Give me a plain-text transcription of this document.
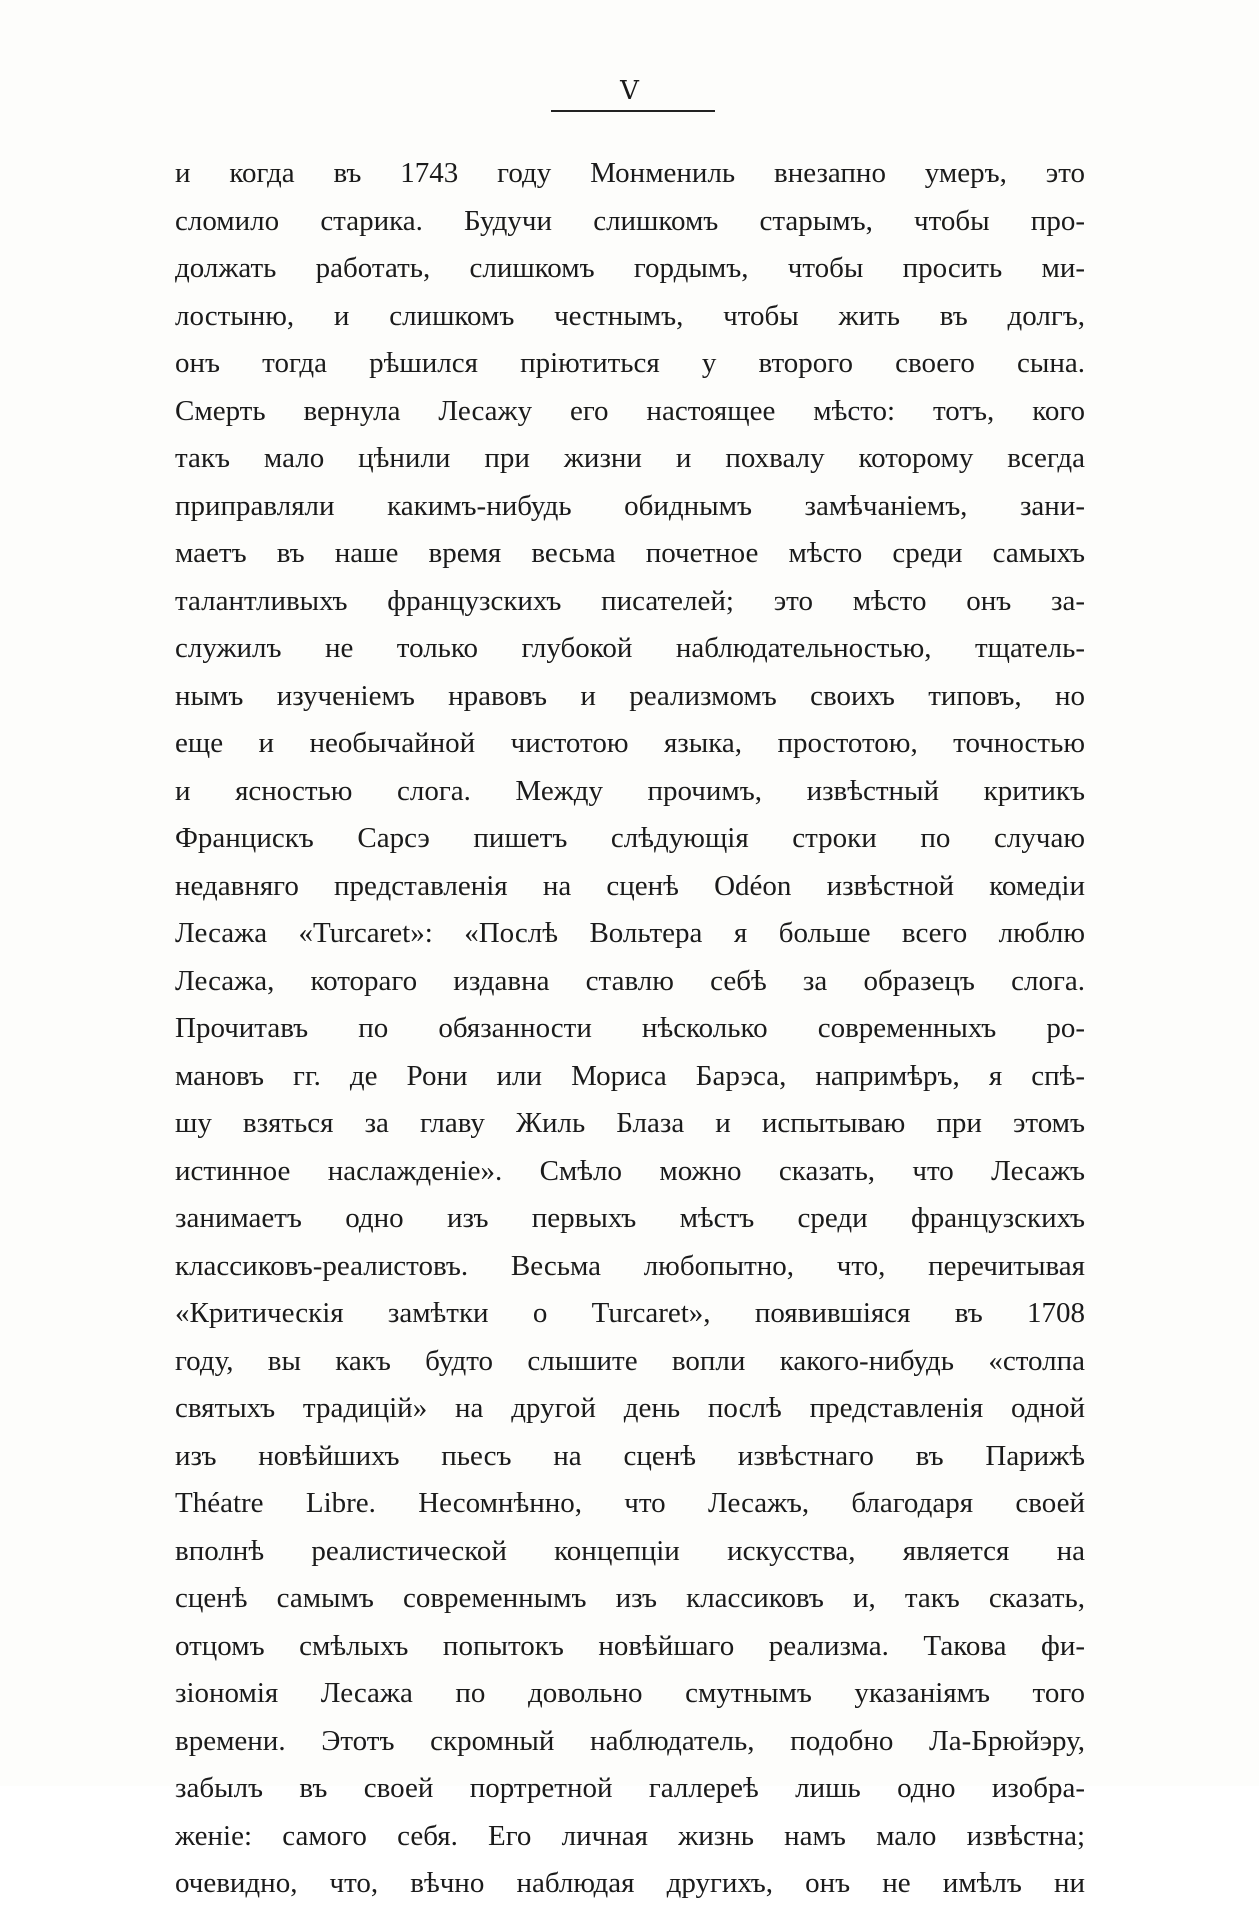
V
и когда въ 1743 году Монмениль внезапно умеръ, это
сломило старика. Будучи слишкомъ старымъ, чтобы про-
должать работать, слишкомъ гордымъ, чтобы просить ми-
лостыню, и слишкомъ честнымъ, чтобы жить въ долгъ,
онъ тогда рѣшился пріютиться у второго своего сына.
Смерть вернула Лесажу его настоящее мѣсто: тотъ, кого
такъ мало цѣнили при жизни и похвалу которому всегда
приправляли какимъ-нибудь обиднымъ замѣчаніемъ, зани-
маетъ въ наше время весьма почетное мѣсто среди самыхъ
талантливыхъ французскихъ писателей; это мѣсто онъ за-
служилъ не только глубокой наблюдательностью, тщатель-
нымъ изученіемъ нравовъ и реализмомъ своихъ типовъ, но
еще и необычайной чистотою языка, простотою, точностью
и ясностью слога. Между прочимъ, извѣстный критикъ
Францискъ Сарсэ пишетъ слѣдующія строки по случаю
недавняго представленія на сценѣ Odéon извѣстной комедіи
Лесажа «Turcaret»: «Послѣ Вольтера я больше всего люблю
Лесажа, котораго издавна ставлю себѣ за образецъ слога.
Прочитавъ по обязанности нѣсколько современныхъ ро-
мановъ гг. де Рони или Мориса Барэса, напримѣръ, я спѣ-
шу взяться за главу Жиль Блаза и испытываю при этомъ
истинное наслажденіе». Смѣло можно сказать, что Лесажъ
занимаетъ одно изъ первыхъ мѣстъ среди французскихъ
классиковъ-реалистовъ. Весьма любопытно, что, перечитывая
«Критическія замѣтки о Turcaret», появившіяся въ 1708
году, вы какъ будто слышите вопли какого-нибудь «столпа
святыхъ традицій» на другой день послѣ представленія одной
изъ новѣйшихъ пьесъ на сценѣ извѣстнаго въ Парижѣ
Théatre Libre. Несомнѣнно, что Лесажъ, благодаря своей
вполнѣ реалистической концепціи искусства, является на
сценѣ самымъ современнымъ изъ классиковъ и, такъ сказать,
отцомъ смѣлыхъ попытокъ новѣйшаго реализма. Такова фи-
зіономія Лесажа по довольно смутнымъ указаніямъ того
времени. Этотъ скромный наблюдатель, подобно Ла-Брюйэру,
забылъ въ своей портретной галлереѣ лишь одно изобра-
женіе: самого себя. Его личная жизнь намъ мало извѣстна;
очевидно, что, вѣчно наблюдая другихъ, онъ не имѣлъ ни
